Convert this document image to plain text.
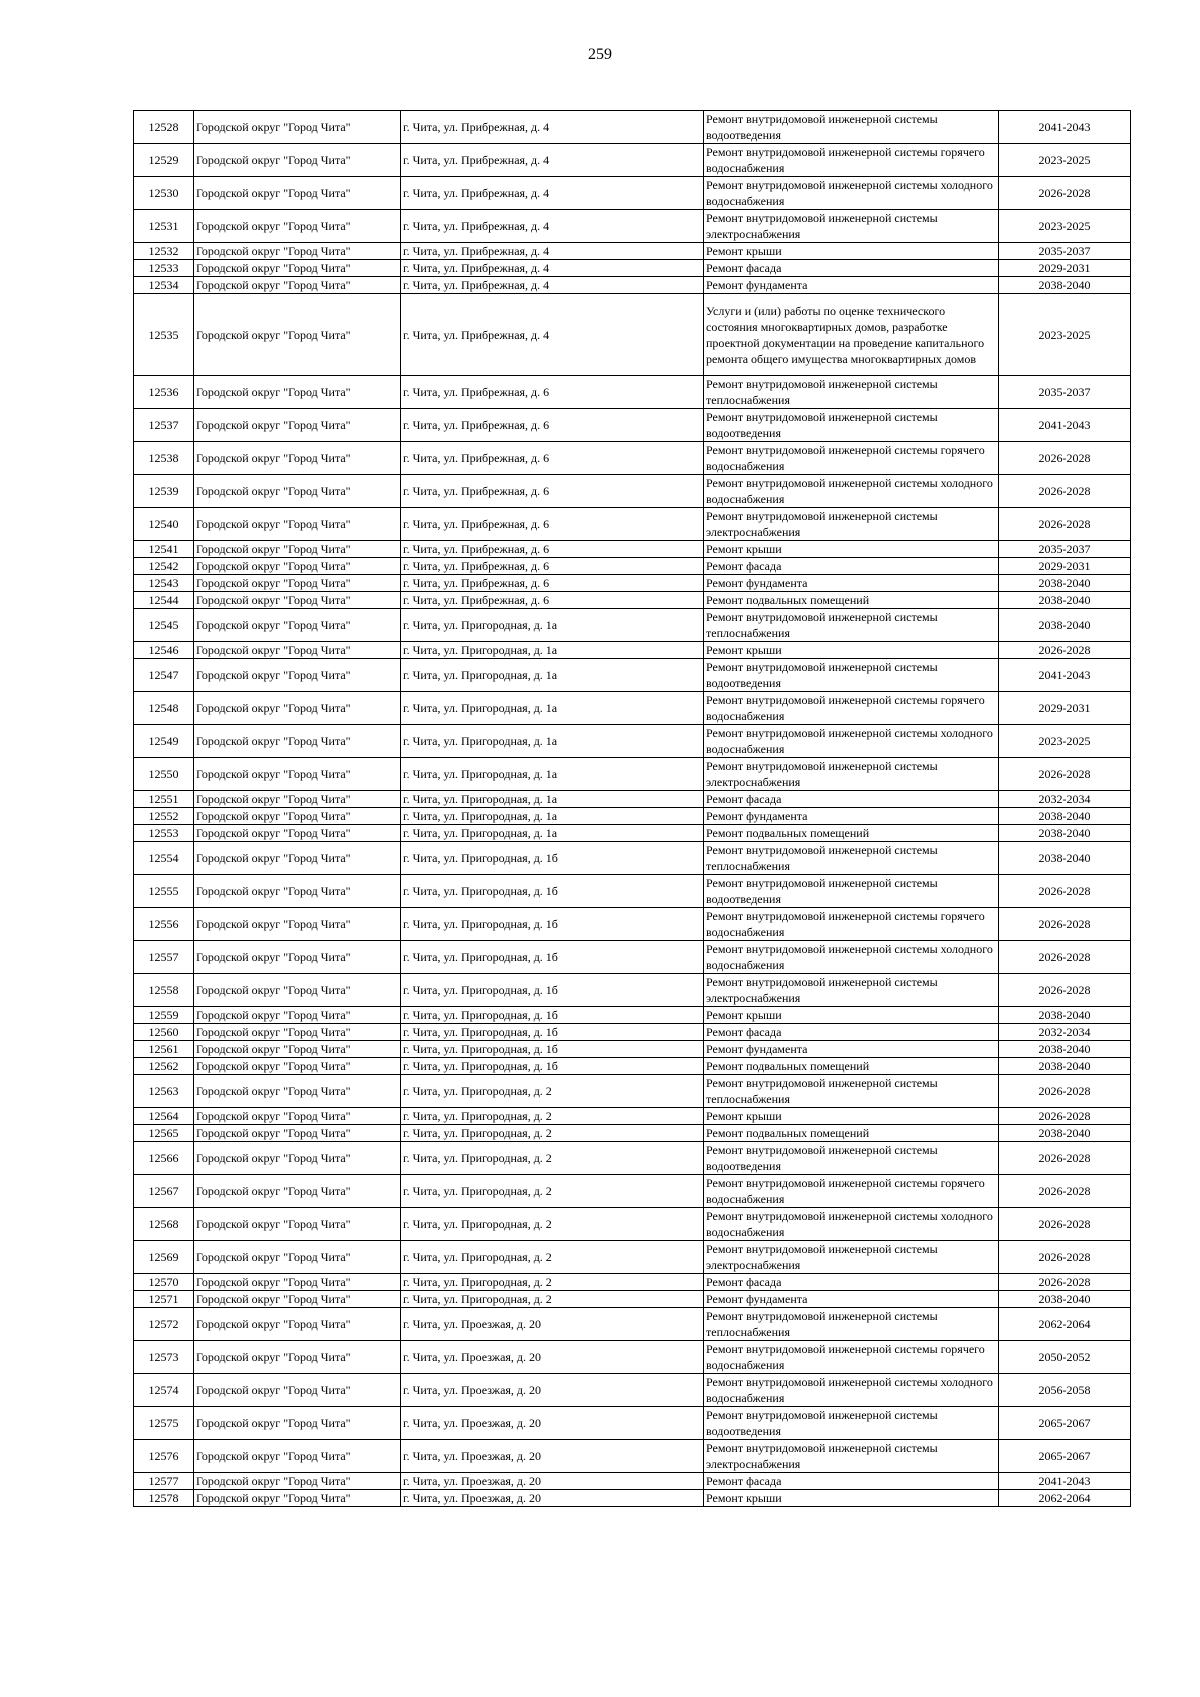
259
12528	Городской округ "Город Чита"	г. Чита, ул. Прибрежная, д. 4	Ремонт внутридомовой инженерной системы водоотведения	2041-2043
12529	Городской округ "Город Чита"	г. Чита, ул. Прибрежная, д. 4	Ремонт внутридомовой инженерной системы горячего водоснабжения	2023-2025
12530	Городской округ "Город Чита"	г. Чита, ул. Прибрежная, д. 4	Ремонт внутридомовой инженерной системы холодного водоснабжения	2026-2028
12531	Городской округ "Город Чита"	г. Чита, ул. Прибрежная, д. 4	Ремонт внутридомовой инженерной системы электроснабжения	2023-2025
12532	Городской округ "Город Чита"	г. Чита, ул. Прибрежная, д. 4	Ремонт крыши	2035-2037
12533	Городской округ "Город Чита"	г. Чита, ул. Прибрежная, д. 4	Ремонт фасада	2029-2031
12534	Городской округ "Город Чита"	г. Чита, ул. Прибрежная, д. 4	Ремонт фундамента	2038-2040
12535	Городской округ "Город Чита"	г. Чита, ул. Прибрежная, д. 4	Услуги и (или) работы по оценке технического состояния многоквартирных домов, разработке проектной документации на проведение капитального ремонта общего имущества многоквартирных домов	2023-2025
12536	Городской округ "Город Чита"	г. Чита, ул. Прибрежная, д. 6	Ремонт внутридомовой инженерной системы теплоснабжения	2035-2037
12537	Городской округ "Город Чита"	г. Чита, ул. Прибрежная, д. 6	Ремонт внутридомовой инженерной системы водоотведения	2041-2043
12538	Городской округ "Город Чита"	г. Чита, ул. Прибрежная, д. 6	Ремонт внутридомовой инженерной системы горячего водоснабжения	2026-2028
12539	Городской округ "Город Чита"	г. Чита, ул. Прибрежная, д. 6	Ремонт внутридомовой инженерной системы холодного водоснабжения	2026-2028
12540	Городской округ "Город Чита"	г. Чита, ул. Прибрежная, д. 6	Ремонт внутридомовой инженерной системы электроснабжения	2026-2028
12541	Городской округ "Город Чита"	г. Чита, ул. Прибрежная, д. 6	Ремонт крыши	2035-2037
12542	Городской округ "Город Чита"	г. Чита, ул. Прибрежная, д. 6	Ремонт фасада	2029-2031
12543	Городской округ "Город Чита"	г. Чита, ул. Прибрежная, д. 6	Ремонт фундамента	2038-2040
12544	Городской округ "Город Чита"	г. Чита, ул. Прибрежная, д. 6	Ремонт подвальных помещений	2038-2040
12545	Городской округ "Город Чита"	г. Чита, ул. Пригородная, д. 1а	Ремонт внутридомовой инженерной системы теплоснабжения	2038-2040
12546	Городской округ "Город Чита"	г. Чита, ул. Пригородная, д. 1а	Ремонт крыши	2026-2028
12547	Городской округ "Город Чита"	г. Чита, ул. Пригородная, д. 1а	Ремонт внутридомовой инженерной системы водоотведения	2041-2043
12548	Городской округ "Город Чита"	г. Чита, ул. Пригородная, д. 1а	Ремонт внутридомовой инженерной системы горячего водоснабжения	2029-2031
12549	Городской округ "Город Чита"	г. Чита, ул. Пригородная, д. 1а	Ремонт внутридомовой инженерной системы холодного водоснабжения	2023-2025
12550	Городской округ "Город Чита"	г. Чита, ул. Пригородная, д. 1а	Ремонт внутридомовой инженерной системы электроснабжения	2026-2028
12551	Городской округ "Город Чита"	г. Чита, ул. Пригородная, д. 1а	Ремонт фасада	2032-2034
12552	Городской округ "Город Чита"	г. Чита, ул. Пригородная, д. 1а	Ремонт фундамента	2038-2040
12553	Городской округ "Город Чита"	г. Чита, ул. Пригородная, д. 1а	Ремонт подвальных помещений	2038-2040
12554	Городской округ "Город Чита"	г. Чита, ул. Пригородная, д. 1б	Ремонт внутридомовой инженерной системы теплоснабжения	2038-2040
12555	Городской округ "Город Чита"	г. Чита, ул. Пригородная, д. 1б	Ремонт внутридомовой инженерной системы водоотведения	2026-2028
12556	Городской округ "Город Чита"	г. Чита, ул. Пригородная, д. 1б	Ремонт внутридомовой инженерной системы горячего водоснабжения	2026-2028
12557	Городской округ "Город Чита"	г. Чита, ул. Пригородная, д. 1б	Ремонт внутридомовой инженерной системы холодного водоснабжения	2026-2028
12558	Городской округ "Город Чита"	г. Чита, ул. Пригородная, д. 1б	Ремонт внутридомовой инженерной системы электроснабжения	2026-2028
12559	Городской округ "Город Чита"	г. Чита, ул. Пригородная, д. 1б	Ремонт крыши	2038-2040
12560	Городской округ "Город Чита"	г. Чита, ул. Пригородная, д. 1б	Ремонт фасада	2032-2034
12561	Городской округ "Город Чита"	г. Чита, ул. Пригородная, д. 1б	Ремонт фундамента	2038-2040
12562	Городской округ "Город Чита"	г. Чита, ул. Пригородная, д. 1б	Ремонт подвальных помещений	2038-2040
12563	Городской округ "Город Чита"	г. Чита, ул. Пригородная, д. 2	Ремонт внутридомовой инженерной системы теплоснабжения	2026-2028
12564	Городской округ "Город Чита"	г. Чита, ул. Пригородная, д. 2	Ремонт крыши	2026-2028
12565	Городской округ "Город Чита"	г. Чита, ул. Пригородная, д. 2	Ремонт подвальных помещений	2038-2040
12566	Городской округ "Город Чита"	г. Чита, ул. Пригородная, д. 2	Ремонт внутридомовой инженерной системы водоотведения	2026-2028
12567	Городской округ "Город Чита"	г. Чита, ул. Пригородная, д. 2	Ремонт внутридомовой инженерной системы горячего водоснабжения	2026-2028
12568	Городской округ "Город Чита"	г. Чита, ул. Пригородная, д. 2	Ремонт внутридомовой инженерной системы холодного водоснабжения	2026-2028
12569	Городской округ "Город Чита"	г. Чита, ул. Пригородная, д. 2	Ремонт внутридомовой инженерной системы электроснабжения	2026-2028
12570	Городской округ "Город Чита"	г. Чита, ул. Пригородная, д. 2	Ремонт фасада	2026-2028
12571	Городской округ "Город Чита"	г. Чита, ул. Пригородная, д. 2	Ремонт фундамента	2038-2040
12572	Городской округ "Город Чита"	г. Чита, ул. Проезжая, д. 20	Ремонт внутридомовой инженерной системы теплоснабжения	2062-2064
12573	Городской округ "Город Чита"	г. Чита, ул. Проезжая, д. 20	Ремонт внутридомовой инженерной системы горячего водоснабжения	2050-2052
12574	Городской округ "Город Чита"	г. Чита, ул. Проезжая, д. 20	Ремонт внутридомовой инженерной системы холодного водоснабжения	2056-2058
12575	Городской округ "Город Чита"	г. Чита, ул. Проезжая, д. 20	Ремонт внутридомовой инженерной системы водоотведения	2065-2067
12576	Городской округ "Город Чита"	г. Чита, ул. Проезжая, д. 20	Ремонт внутридомовой инженерной системы электроснабжения	2065-2067
12577	Городской округ "Город Чита"	г. Чита, ул. Проезжая, д. 20	Ремонт фасада	2041-2043
12578	Городской округ "Город Чита"	г. Чита, ул. Проезжая, д. 20	Ремонт крыши	2062-2064
